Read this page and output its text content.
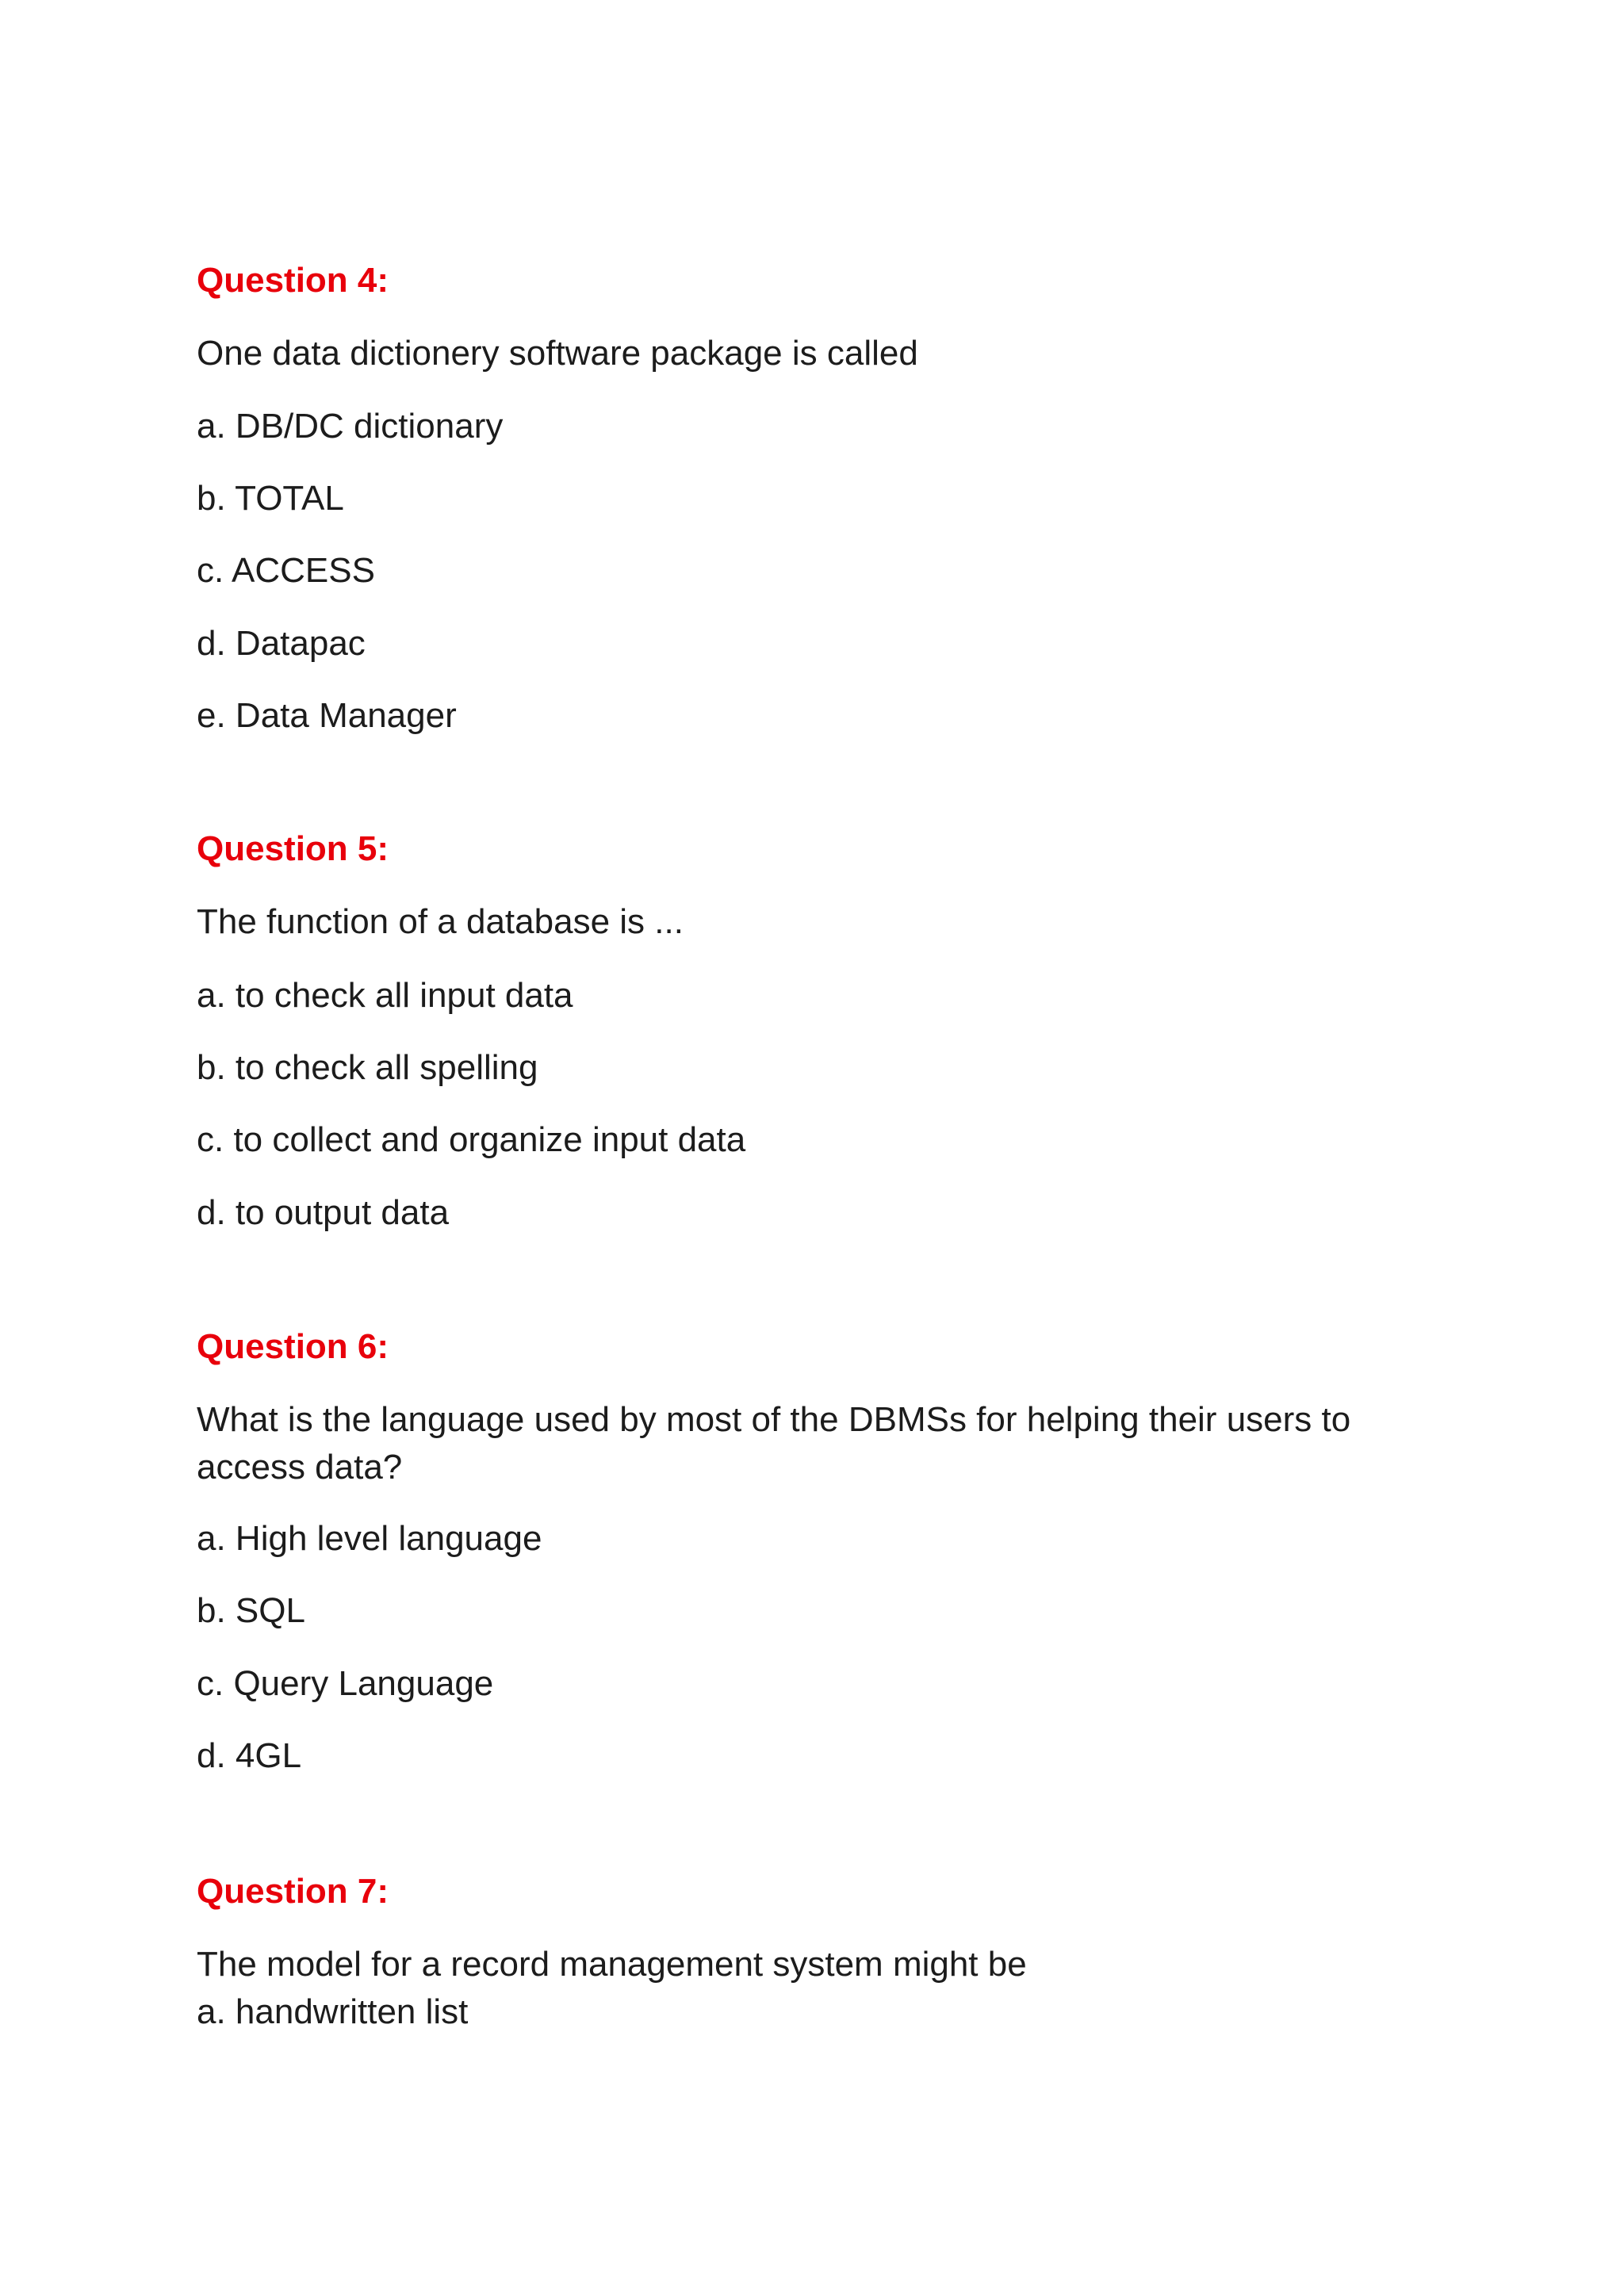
Question 4:
One data dictionery software package is called
a. DB/DC dictionary
b. TOTAL
c. ACCESS
d. Datapac
e. Data Manager
Question 5:
The function of a database is ...
a. to check all input data
b. to check all spelling
c. to collect and organize input data
d. to output data
Question 6:
What is the language used by most of the DBMSs for helping their users to access data?
a. High level language
b. SQL
c. Query Language
d. 4GL
Question 7:
The model for a record management system might be
a. handwritten list
